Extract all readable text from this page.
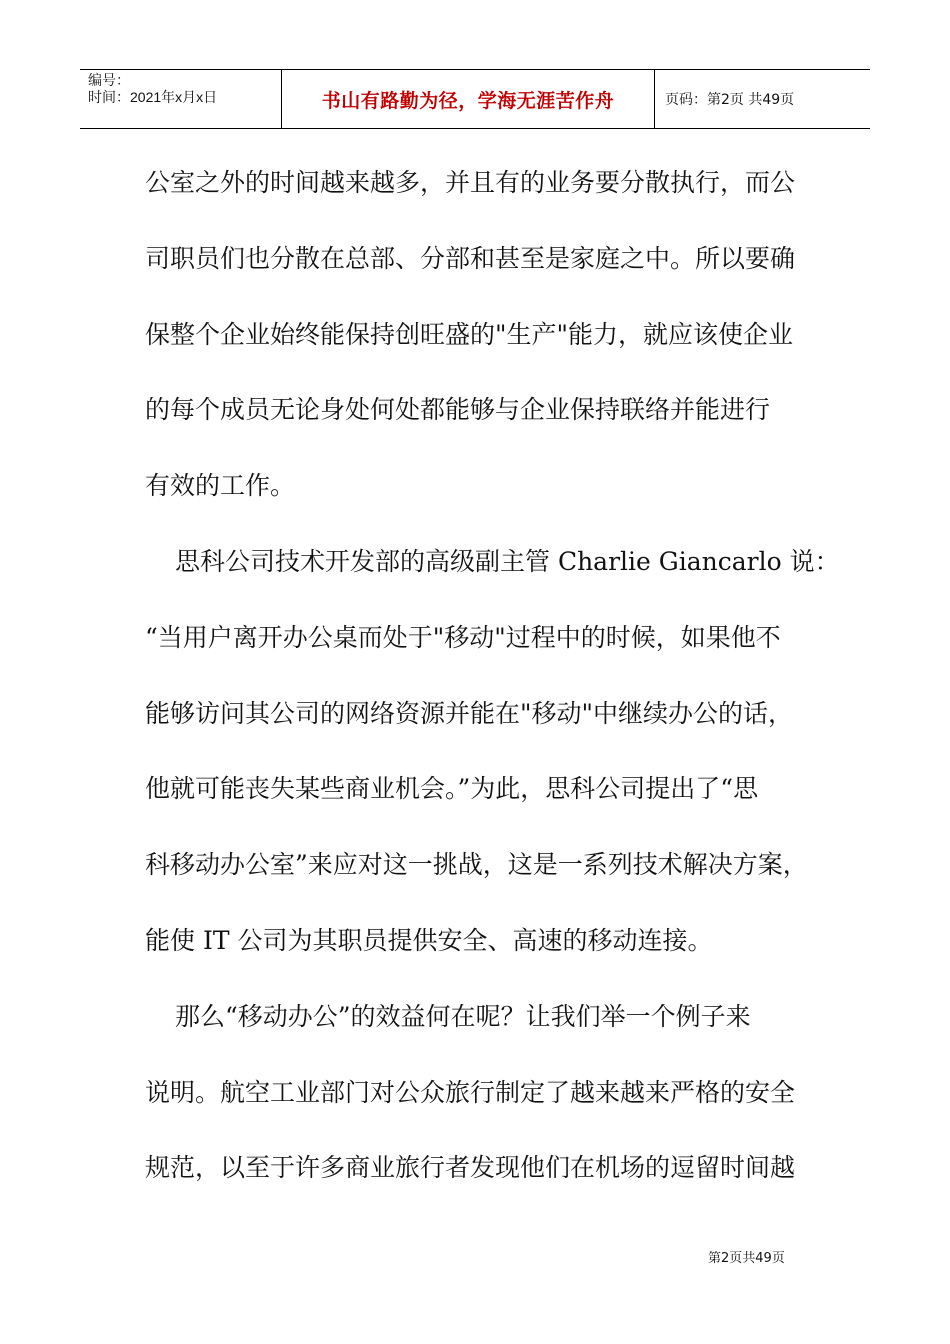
编号：
时间：2021年x月x日	书山有路勤为径，学海无涯苦作舟	页码：第2页 共49页
公室之外的时间越来越多，并且有的业务要分散执行，而公
司职员们也分散在总部、分部和甚至是家庭之中。所以要确
保整个企业始终能保持创旺盛的"生产"能力，就应该使企业
的每个成员无论身处何处都能够与企业保持联络并能进行
有效的工作。
思科公司技术开发部的高级副主管 Charlie Giancarlo 说：
“当用户离开办公桌而处于"移动"过程中的时候，如果他不
能够访问其公司的网络资源并能在"移动"中继续办公的话，
他就可能丧失某些商业机会。”为此，思科公司提出了“思
科移动办公室”来应对这一挑战，这是一系列技术解决方案，
能使 IT 公司为其职员提供安全、高速的移动连接。
那么“移动办公”的效益何在呢？让我们举一个例子来
说明。航空工业部门对公众旅行制定了越来越来严格的安全
规范，以至于许多商业旅行者发现他们在机场的逗留时间越
第2页共49页
